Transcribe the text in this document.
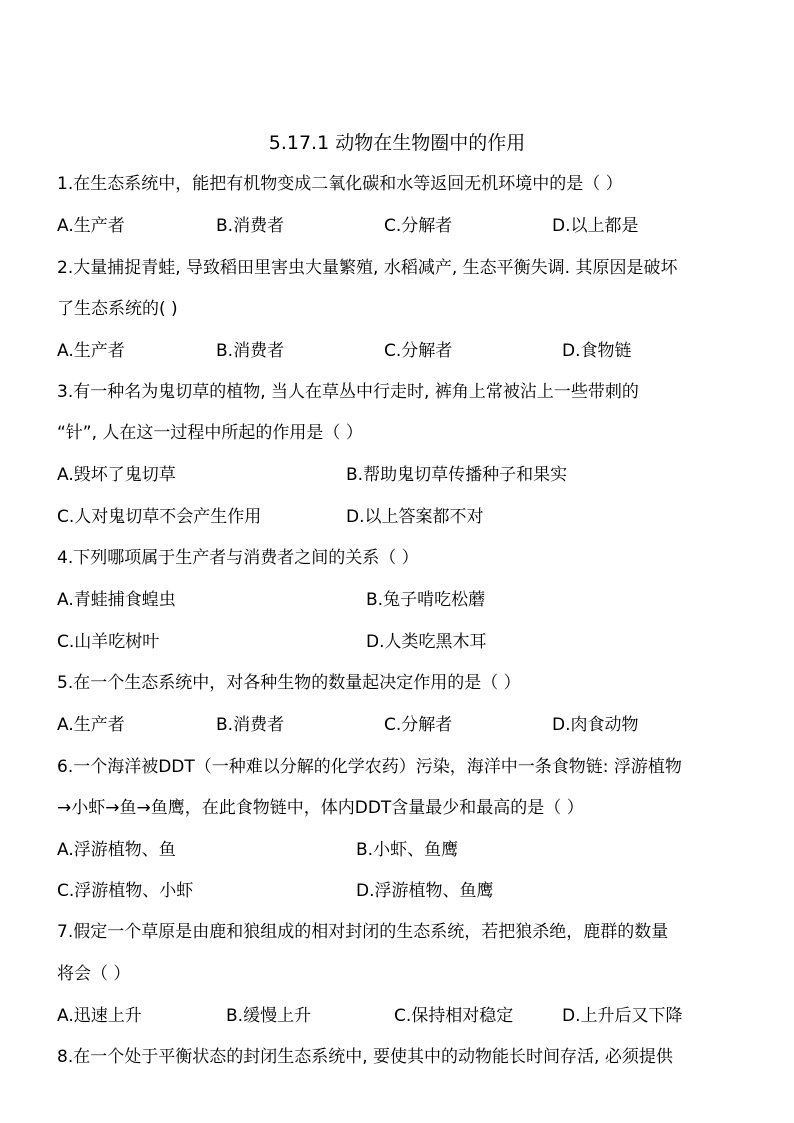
5.17.1 动物在生物圈中的作用
1.在生态系统中，能把有机物变成二氧化碳和水等返回无机环境中的是（ ）
A.生产者	B.消费者	C.分解者	D.以上都是
2.大量捕捉青蛙, 导致稻田里害虫大量繁殖, 水稻减产, 生态平衡失调. 其原因是破坏
了生态系统的( )
A.生产者	B.消费者	C.分解者	D.食物链
3.有一种名为鬼切草的植物, 当人在草丛中行走时, 裤角上常被沾上一些带刺的
“针”, 人在这一过程中所起的作用是（ ）
A.毁坏了鬼切草	B.帮助鬼切草传播种子和果实
C.人对鬼切草不会产生作用	D.以上答案都不对
4.下列哪项属于生产者与消费者之间的关系（ ）
A.青蛙捕食蝗虫	B.兔子啃吃松蘑
C.山羊吃树叶	D.人类吃黑木耳
5.在一个生态系统中，对各种生物的数量起决定作用的是（ ）
A.生产者	B.消费者	C.分解者	D.肉食动物
6.一个海洋被DDT（一种难以分解的化学农药）污染，海洋中一条食物链: 浮游植物
→小虾→鱼→鱼鹰，在此食物链中，体内DDT含量最少和最高的是（ ）
A.浮游植物、鱼	B.小虾、鱼鹰
C.浮游植物、小虾	D.浮游植物、鱼鹰
7.假定一个草原是由鹿和狼组成的相对封闭的生态系统，若把狼杀绝，鹿群的数量
将会（ ）
A.迅速上升	B.缓慢上升	C.保持相对稳定	D.上升后又下降
8.在一个处于平衡状态的封闭生态系统中, 要使其中的动物能长时间存活, 必须提供
